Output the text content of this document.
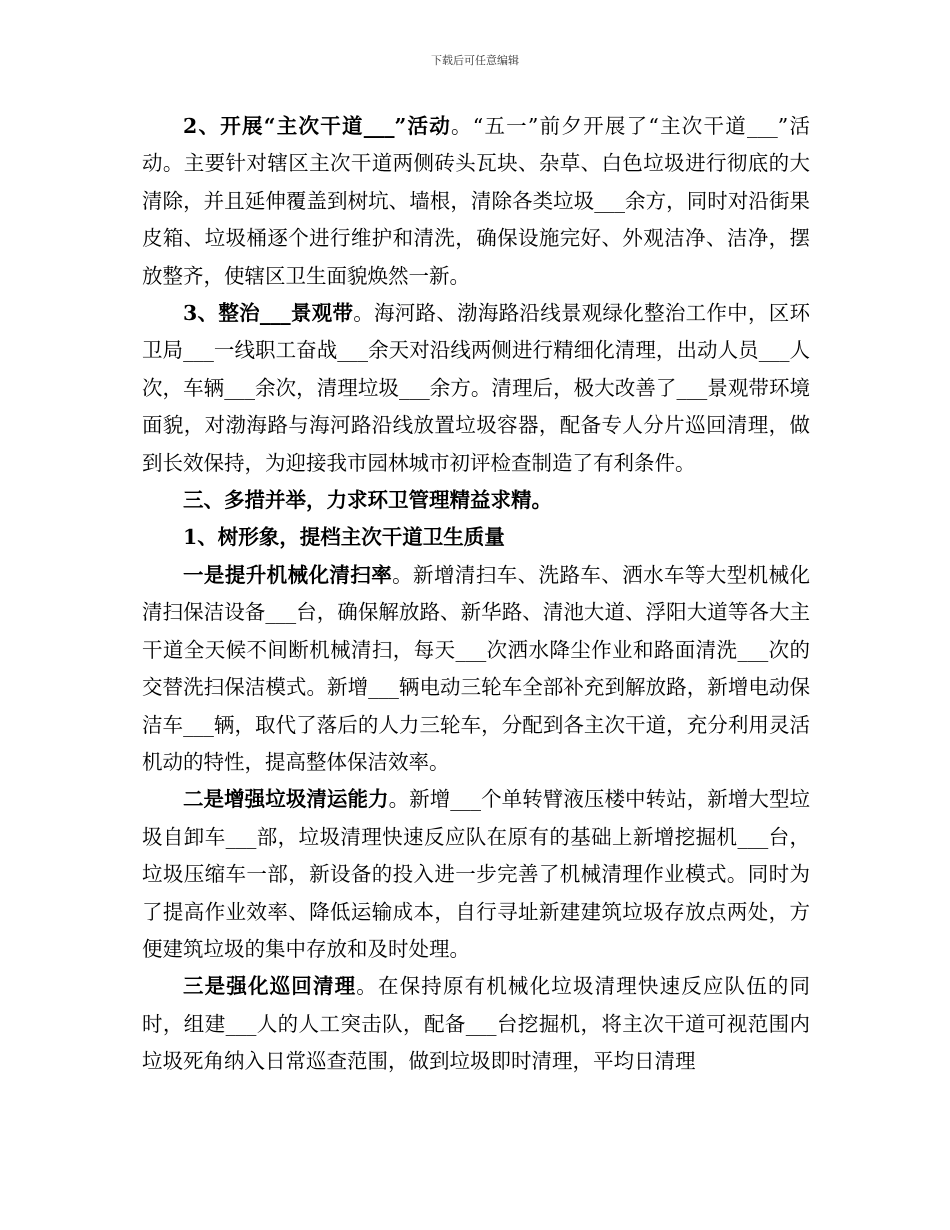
下载后可任意编辑

2、开展“主次干道___”活动。“五一”前夕开展了“主次干道___”活动。主要针对辖区主次干道两侧砖头瓦块、杂草、白色垃圾进行彻底的大清除，并且延伸覆盖到树坑、墙根，清除各类垃圾___余方，同时对沿街果皮箱、垃圾桶逐个进行维护和清洗，确保设施完好、外观洁净、洁净，摆放整齐，使辖区卫生面貌焕然一新。

3、整治___景观带。海河路、渤海路沿线景观绿化整治工作中，区环卫局___一线职工奋战___余天对沿线两侧进行精细化清理，出动人员___人次，车辆___余次，清理垃圾___余方。清理后，极大改善了___景观带环境面貌，对渤海路与海河路沿线放置垃圾容器，配备专人分片巡回清理，做到长效保持，为迎接我市园林城市初评检查制造了有利条件。

三、多措并举，力求环卫管理精益求精。

1、树形象，提档主次干道卫生质量

一是提升机械化清扫率。新增清扫车、洗路车、洒水车等大型机械化清扫保洁设备___台，确保解放路、新华路、清池大道、浮阳大道等各大主干道全天候不间断机械清扫，每天___次洒水降尘作业和路面清洗___次的交替洗扫保洁模式。新增___辆电动三轮车全部补充到解放路，新增电动保洁车___辆，取代了落后的人力三轮车，分配到各主次干道，充分利用灵活机动的特性，提高整体保洁效率。

二是增强垃圾清运能力。新增___个单转臂液压楼中转站，新增大型垃圾自卸车___部，垃圾清理快速反应队在原有的基础上新增挖掘机___台，垃圾压缩车一部，新设备的投入进一步完善了机械清理作业模式。同时为了提高作业效率、降低运输成本，自行寻址新建建筑垃圾存放点两处，方便建筑垃圾的集中存放和及时处理。

三是强化巡回清理。在保持原有机械化垃圾清理快速反应队伍的同时，组建___人的人工突击队，配备___台挖掘机，将主次干道可视范围内垃圾死角纳入日常巡查范围，做到垃圾即时清理，平均日清理
